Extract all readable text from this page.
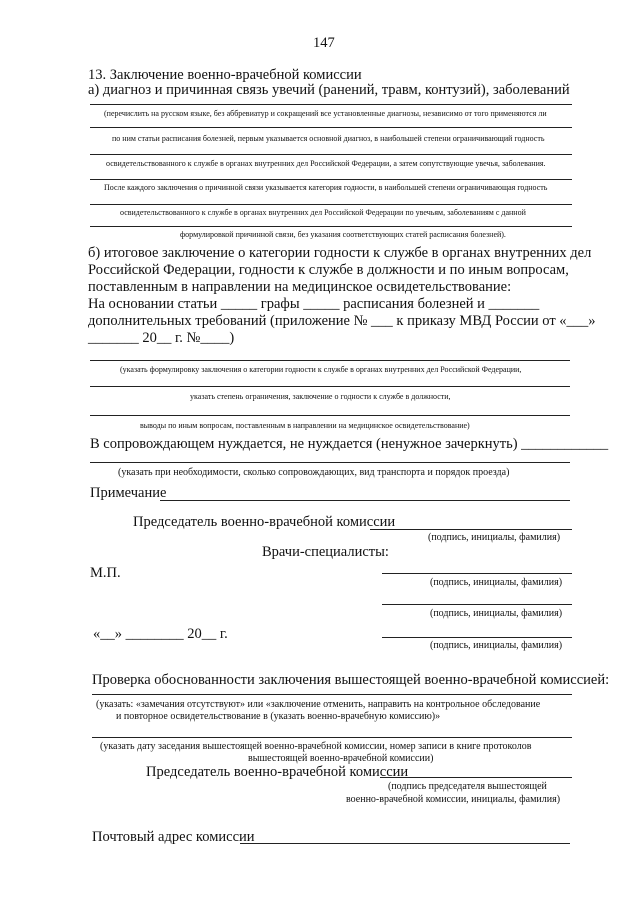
147
13. Заключение военно-врачебной комиссии
а) диагноз и причинная связь увечий (ранений, травм, контузий), заболеваний
(перечислить на русском языке, без аббревиатур и сокращений все установленные диагнозы, независимо от того применяются ли
по ним статьи расписания болезней, первым указывается основной диагноз, в наибольшей степени ограничивающий годность
освидетельствованного к службе в органах внутренних дел Российской Федерации, а затем сопутствующие увечья, заболевания.
После каждого заключения о причинной связи указывается категория годности, в наибольшей степени ограничивающая годность
освидетельствованного к службе в органах внутренних дел Российской Федерации по увечьям, заболеваниям с данной
формулировкой причинной связи, без указания соответствующих статей расписания болезней).
б) итоговое заключение о категории годности к службе в органах внутренних дел
Российской Федерации, годности к службе в должности и по иным вопросам,
поставленным в направлении на медицинское освидетельствование:
На основании статьи _____ графы _____ расписания болезней и _______
дополнительных требований (приложение № ___ к приказу МВД России от «___»
_______ 20__ г. №____)
(указать формулировку заключения о категории годности к службе в органах внутренних дел Российской Федерации,
указать степень ограничения, заключение о годности к службе в должности,
выводы по иным вопросам, поставленным в направлении на медицинское освидетельствование)
В сопровождающем нуждается, не нуждается (ненужное зачеркнуть) ____________
(указать при необходимости, сколько сопровождающих, вид транспорта и порядок проезда)
Примечание
Председатель военно-врачебной комиссии
(подпись, инициалы, фамилия)
Врачи-специалисты:
М.П.
(подпись, инициалы, фамилия)
(подпись, инициалы, фамилия)
«__» ________ 20__ г.
(подпись, инициалы, фамилия)
Проверка обоснованности заключения вышестоящей военно-врачебной комиссией:
(указать: «замечания отсутствуют» или «заключение отменить, направить на контрольное обследование
и повторное освидетельствование в (указать военно-врачебную комиссию)»
(указать дату заседания вышестоящей военно-врачебной комиссии, номер записи в книге протоколов
вышестоящей военно-врачебной комиссии)
Председатель военно-врачебной комиссии
(подпись председателя вышестоящей
военно-врачебной комиссии, инициалы, фамилия)
Почтовый адрес комиссии
